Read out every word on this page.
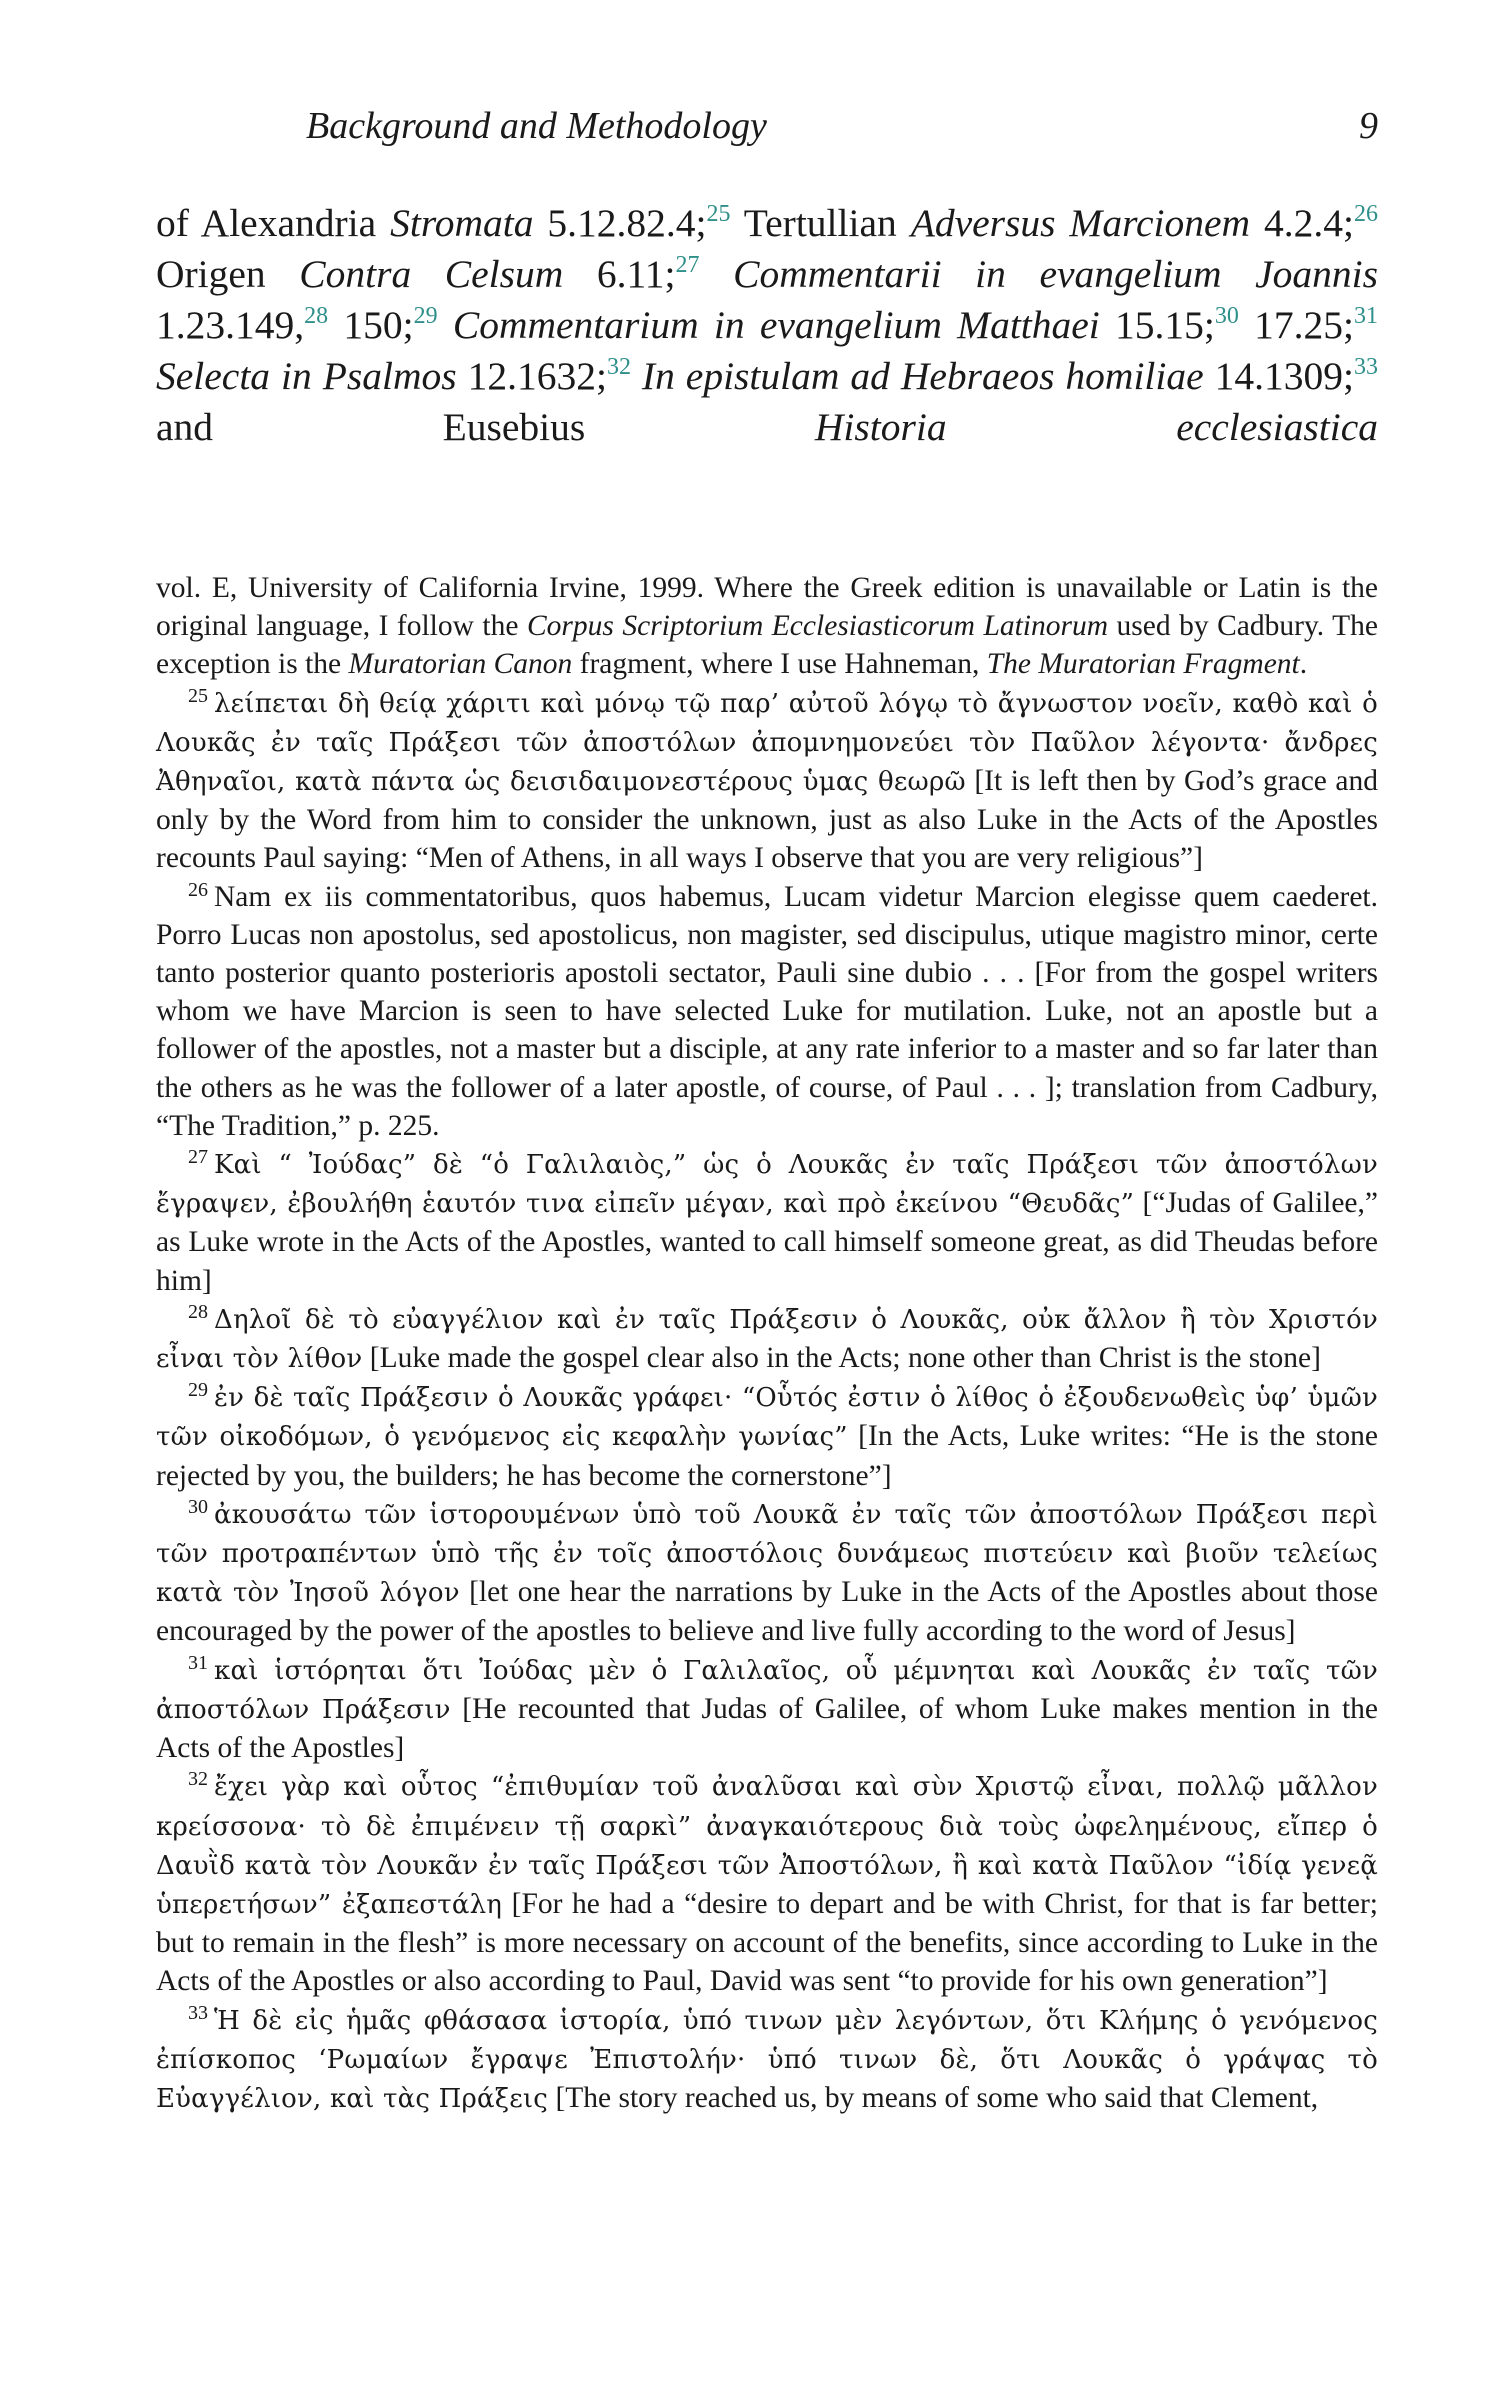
Background and Methodology	9
of Alexandria Stromata 5.12.82.4;$^{25}$ Tertullian Adversus Marcionem 4.2.4;$^{26}$ Origen Contra Celsum 6.11;$^{27}$ Commentarii in evangelium Joannis 1.23.149,28 150;$^{29}$ Commentarium in evangelium Matthaei 15.15;$^{30}$ 17.25;$^{31}$ Selecta in Psalmos 12.1632;$^{32}$ In epistulam ad Hebraeos homiliae 14.1309;$^{33}$ and Eusebius Historia ecclesiastica

vol. E, University of California Irvine, 1999. Where the Greek edition is unavailable or Latin is the original language, I follow the Corpus Scriptorium Ecclesiasticorum Latinorum used by Cadbury. The exception is the Muratorian Canon fragment, where I use Hahneman, The Muratorian Fragment.

$^{25}$ λείπεται δὴ θείᾳ χάριτι καὶ μόνῳ τῷ παρ’ αὐτοῦ λόγῳ τὸ ἄγνωστον νοεῖν, καθὸ καὶ ὁ Λουκᾶς ἐν ταῖς Πράξεσι τῶν ἀποστόλων ἀπομνημονεύει τὸν Παῦλον λέγοντα· ἄνδρες Ἀθηναῖοι, κατὰ πάντα ὡς δεισιδαιμονεστέρους ὑμας θεωρῶ [It is left then by God’s grace and only by the Word from him to consider the unknown, just as also Luke in the Acts of the Apostles recounts Paul saying: “Men of Athens, in all ways I observe that you are very religious”]

$^{26}$ Nam ex iis commentatoribus, quos habemus, Lucam videtur Marcion elegisse quem caederet. Porro Lucas non apostolus, sed apostolicus, non magister, sed discipulus, utique magistro minor, certe tanto posterior quanto posterioris apostoli sectator, Pauli sine dubio . . . [For from the gospel writers whom we have Marcion is seen to have selected Luke for mutilation. Luke, not an apostle but a follower of the apostles, not a master but a disciple, at any rate inferior to a master and so far later than the others as he was the follower of a later apostle, of course, of Paul . . . ]; translation from Cadbury, “The Tradition,” p. 225.

$^{27}$ Καὶ “ Ἰούδας” δὲ “ὁ Γαλιλαιὸς,” ὡς ὁ Λουκᾶς ἐν ταῖς Πράξεσι τῶν ἀποστόλων ἔγραψεν, ἐβουλήθη ἑαυτόν τινα εἰπεῖν μέγαν, καὶ πρὸ ἐκείνου “Θευδᾶς” [“Judas of Galilee,” as Luke wrote in the Acts of the Apostles, wanted to call himself someone great, as did Theudas before him]

$^{28}$ Δηλοῖ δὲ τὸ εὐαγγέλιον καὶ ἐν ταῖς Πράξεσιν ὁ Λουκᾶς, οὐκ ἄλλον ἢ τὸν Χριστόν εἶναι τὸν λίθον [Luke made the gospel clear also in the Acts; none other than Christ is the stone]

$^{29}$ ἐν δὲ ταῖς Πράξεσιν ὁ Λουκᾶς γράφει· “Οὗτός ἐστιν ὁ λίθος ὁ ἐξουδενωθεὶς ὑφ’ ὑμῶν τῶν οἰκοδόμων, ὁ γενόμενος εἰς κεφαλὴν γωνίας” [In the Acts, Luke writes: “He is the stone rejected by you, the builders; he has become the cornerstone”]

$^{30}$ ἀκουσάτω τῶν ἱστορουμένων ὑπὸ τοῦ Λουκᾶ ἐν ταῖς τῶν ἀποστόλων Πράξεσι περὶ τῶν προτραπέντων ὑπὸ τῆς ἐν τοῖς ἀποστόλοις δυνάμεως πιστεύειν καὶ βιοῦν τελείως κατὰ τὸν Ἰησοῦ λόγον [let one hear the narrations by Luke in the Acts of the Apostles about those encouraged by the power of the apostles to believe and live fully according to the word of Jesus]

$^{31}$ καὶ ἱστόρηται ὅτι Ἰούδας μὲν ὁ Γαλιλαῖος, οὗ μέμνηται καὶ Λουκᾶς ἐν ταῖς τῶν ἀποστόλων Πράξεσιν [He recounted that Judas of Galilee, of whom Luke makes mention in the Acts of the Apostles]

$^{32}$ ἔχει γὰρ καὶ οὗτος “ἐπιθυμίαν τοῦ ἀναλῦσαι καὶ σὺν Χριστῷ εἶναι, πολλῷ μᾶλλον κρείσσονα· τὸ δὲ ἐπιμένειν τῇ σαρκὶ” ἀναγκαιότερους διὰ τοὺς ὠφελημένους, εἴπερ ὁ Δαυῒδ κατὰ τὸν Λουκᾶν ἐν ταῖς Πράξεσι τῶν Ἀποστόλων, ἢ καὶ κατὰ Παῦλον “ἰδίᾳ γενεᾷ ὑπερετήσων” ἐξαπεστάλη [For he had a “desire to depart and be with Christ, for that is far better; but to remain in the flesh” is more necessary on account of the benefits, since according to Luke in the Acts of the Apostles or also according to Paul, David was sent “to provide for his own generation”]

$^{33}$ Ἡ δὲ εἰς ἡμᾶς φθάσασα ἱστορία, ὑπό τινων μὲν λεγόντων, ὅτι Κλήμης ὁ γενόμενος ἐπίσκοπος ‘Ρωμαίων ἔγραψε Ἐπιστολήν· ὑπό τινων δὲ, ὅτι Λουκᾶς ὁ γράψας τὸ Εὐαγγέλιον, καὶ τὰς Πράξεις [The story reached us, by means of some who said that Clement,
